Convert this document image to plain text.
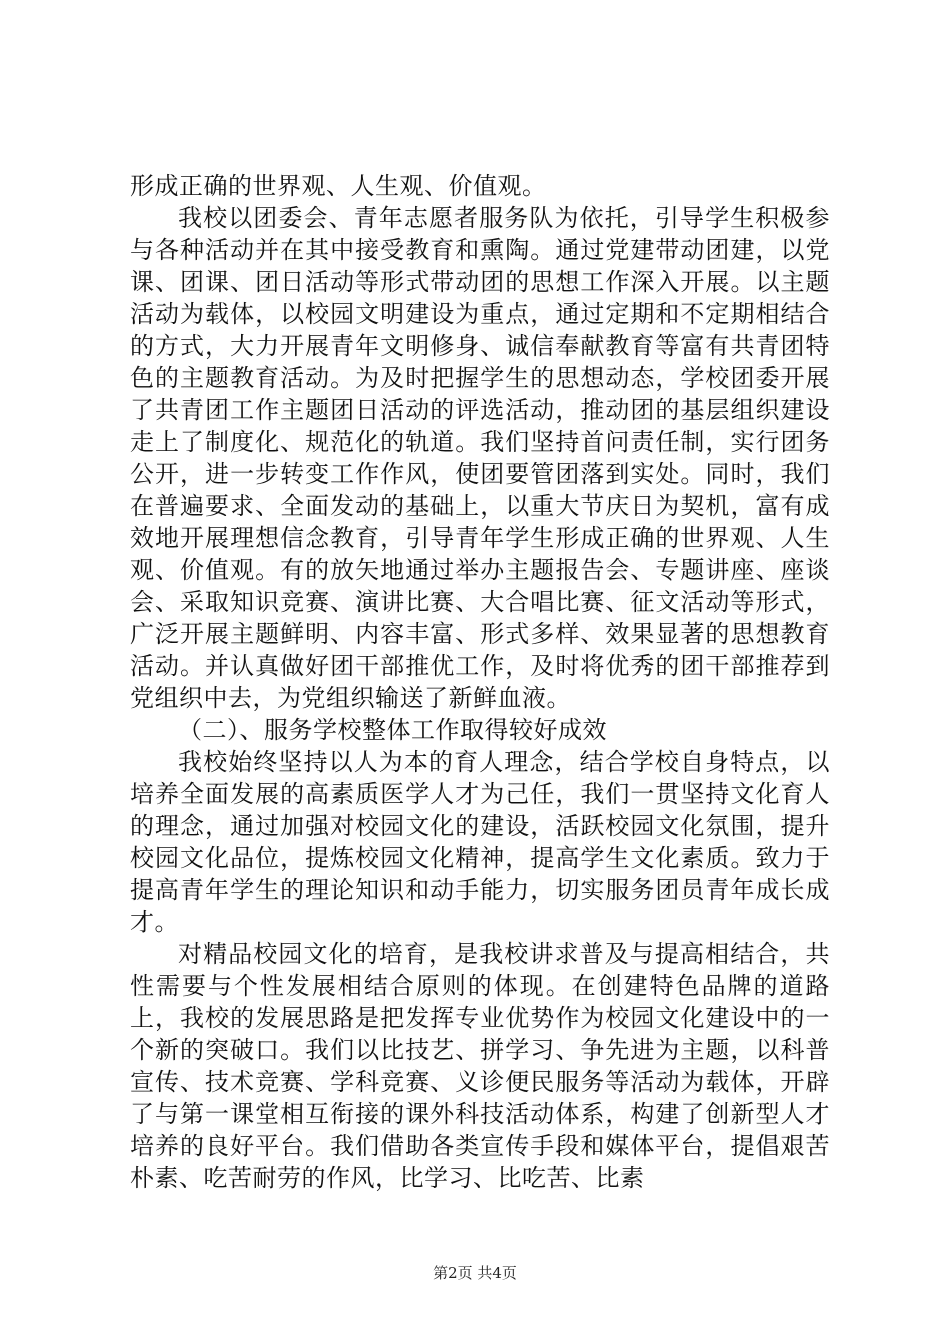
形成正确的世界观、人生观、价值观。

我校以团委会、青年志愿者服务队为依托，引导学生积极参与各种活动并在其中接受教育和熏陶。通过党建带动团建，以党课、团课、团日活动等形式带动团的思想工作深入开展。以主题活动为载体，以校园文明建设为重点，通过定期和不定期相结合的方式，大力开展青年文明修身、诚信奉献教育等富有共青团特色的主题教育活动。为及时把握学生的思想动态，学校团委开展了共青团工作主题团日活动的评选活动，推动团的基层组织建设走上了制度化、规范化的轨道。我们坚持首问责任制，实行团务公开，进一步转变工作作风，使团要管团落到实处。同时，我们在普遍要求、全面发动的基础上，以重大节庆日为契机，富有成效地开展理想信念教育，引导青年学生形成正确的世界观、人生观、价值观。有的放矢地通过举办主题报告会、专题讲座、座谈会、采取知识竞赛、演讲比赛、大合唱比赛、征文活动等形式，广泛开展主题鲜明、内容丰富、形式多样、效果显著的思想教育活动。并认真做好团干部推优工作，及时将优秀的团干部推荐到党组织中去，为党组织输送了新鲜血液。

（二）、服务学校整体工作取得较好成效

我校始终坚持以人为本的育人理念，结合学校自身特点，以培养全面发展的高素质医学人才为己任，我们一贯坚持文化育人的理念，通过加强对校园文化的建设，活跃校园文化氛围，提升校园文化品位，提炼校园文化精神，提高学生文化素质。致力于提高青年学生的理论知识和动手能力，切实服务团员青年成长成才。

对精品校园文化的培育，是我校讲求普及与提高相结合，共性需要与个性发展相结合原则的体现。在创建特色品牌的道路上，我校的发展思路是把发挥专业优势作为校园文化建设中的一个新的突破口。我们以比技艺、拼学习、争先进为主题，以科普宣传、技术竞赛、学科竞赛、义诊便民服务等活动为载体，开辟了与第一课堂相互衔接的课外科技活动体系，构建了创新型人才培养的良好平台。我们借助各类宣传手段和媒体平台，提倡艰苦朴素、吃苦耐劳的作风，比学习、比吃苦、比素

第2页 共4页
